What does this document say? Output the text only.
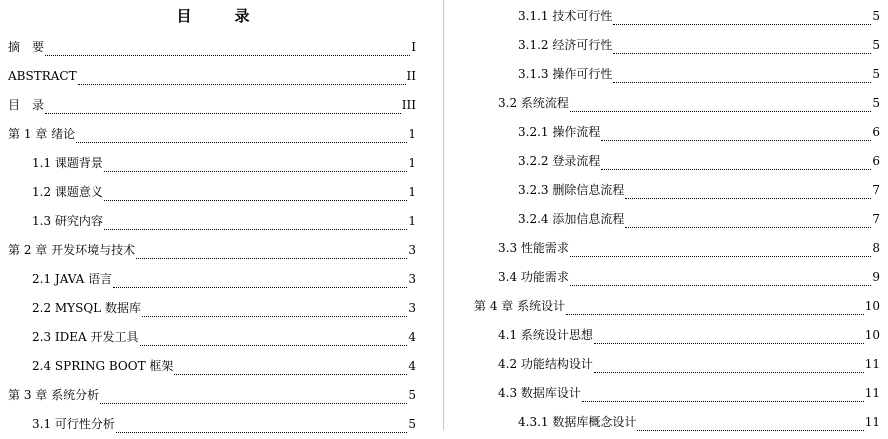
目　录
摘　要	I
ABSTRACT	II
目　录	III
第 1 章 绪论	1
1.1 课题背景	1
1.2 课题意义	1
1.3 研究内容	1
第 2 章 开发环境与技术	3
2.1 JAVA 语言	3
2.2 MYSQL 数据库	3
2.3 IDEA 开发工具	4
2.4 SPRING BOOT 框架	4
第 3 章 系统分析	5
3.1 可行性分析	5
3.1.1 技术可行性	5
3.1.2 经济可行性	5
3.1.3 操作可行性	5
3.2 系统流程	5
3.2.1 操作流程	6
3.2.2 登录流程	6
3.2.3 删除信息流程	7
3.2.4 添加信息流程	7
3.3 性能需求	8
3.4 功能需求	9
第 4 章 系统设计	10
4.1 系统设计思想	10
4.2 功能结构设计	11
4.3 数据库设计	11
4.3.1 数据库概念设计	11
